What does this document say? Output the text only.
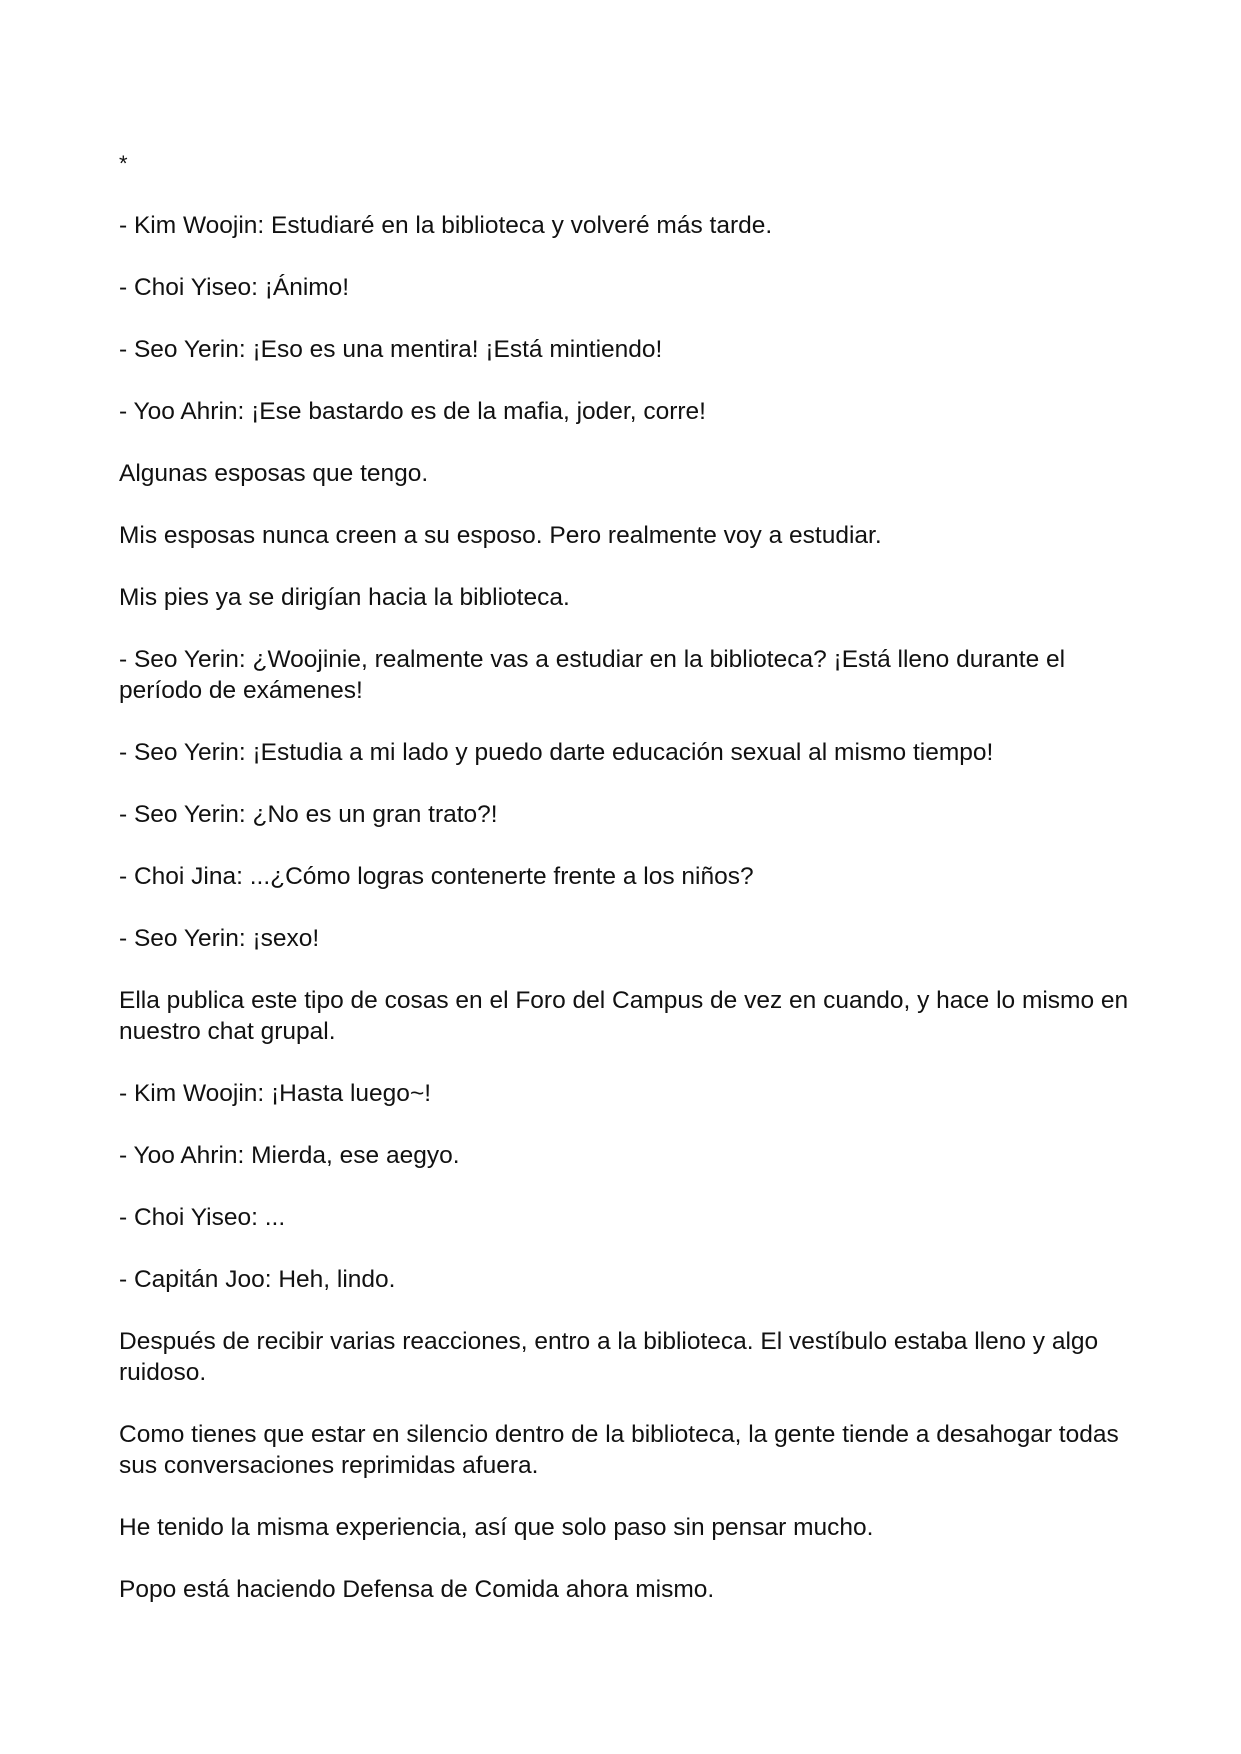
*
- Kim Woojin: Estudiaré en la biblioteca y volveré más tarde.
- Choi Yiseo: ¡Ánimo!
- Seo Yerin: ¡Eso es una mentira! ¡Está mintiendo!
- Yoo Ahrin: ¡Ese bastardo es de la mafia, joder, corre!
Algunas esposas que tengo.
Mis esposas nunca creen a su esposo. Pero realmente voy a estudiar.
Mis pies ya se dirigían hacia la biblioteca.
- Seo Yerin: ¿Woojinie, realmente vas a estudiar en la biblioteca? ¡Está lleno durante el período de exámenes!
- Seo Yerin: ¡Estudia a mi lado y puedo darte educación sexual al mismo tiempo!
- Seo Yerin: ¿No es un gran trato?!
- Choi Jina: ...¿Cómo logras contenerte frente a los niños?
- Seo Yerin: ¡sexo!
Ella publica este tipo de cosas en el Foro del Campus de vez en cuando, y hace lo mismo en nuestro chat grupal.
- Kim Woojin: ¡Hasta luego~!
- Yoo Ahrin: Mierda, ese aegyo.
- Choi Yiseo: ...
- Capitán Joo: Heh, lindo.
Después de recibir varias reacciones, entro a la biblioteca. El vestíbulo estaba lleno y algo ruidoso.
Como tienes que estar en silencio dentro de la biblioteca, la gente tiende a desahogar todas sus conversaciones reprimidas afuera.
He tenido la misma experiencia, así que solo paso sin pensar mucho.
Popo está haciendo Defensa de Comida ahora mismo.
